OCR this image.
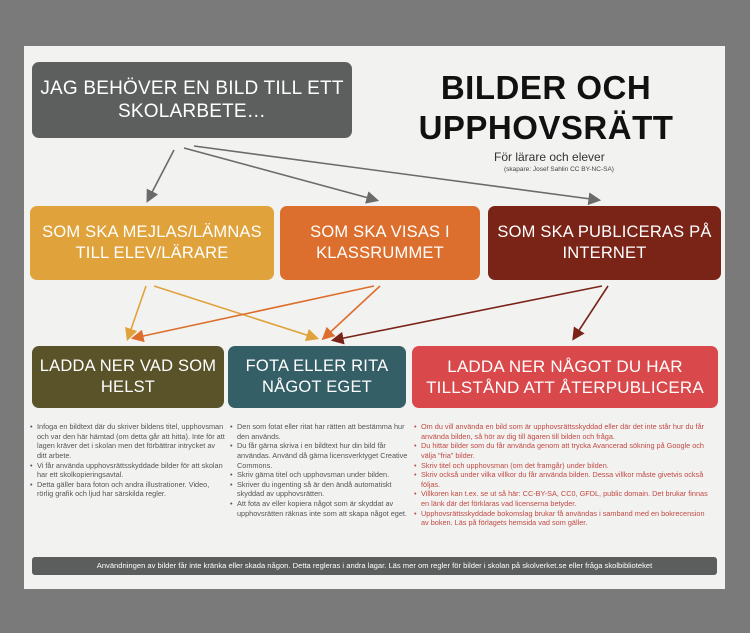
JAG BEHÖVER EN BILD TILL ETT SKOLARBETE…
BILDER OCH
UPPHOVSRÄTT
För lärare och elever
(skapare: Josef Sahlin CC BY-NC-SA)
SOM SKA MEJLAS/LÄMNAS TILL ELEV/LÄRARE
SOM SKA VISAS I KLASSRUMMET
SOM SKA PUBLICERAS PÅ INTERNET
LADDA NER VAD SOM HELST
FOTA ELLER RITA NÅGOT EGET
LADDA NER NÅGOT DU HAR TILLSTÅND ATT ÅTERPUBLICERA
• Infoga en bildtext där du skriver bildens titel, upphovsman och var den här hämtad (om detta går att hitta). Inte för att lagen kräver det i skolan men det förbättrar intrycket av ditt arbete.
• Vi får använda upphovsrättsskyddade bilder för att skolan har ett skolkopieringsavtal.
• Detta gäller bara foton och andra illustrationer. Video, rörlig grafik och ljud har särskilda regler.
• Den som fotat eller ritat har rätten att bestämma hur den används.
• Du får gärna skriva i en bildtext hur din bild får användas. Använd då gärna licensverktyget Creative Commons.
• Skriv gärna titel och upphovsman under bilden.
• Skriver du ingenting så är den ändå automatiskt skyddad av upphovsrätten.
• Att fota av eller kopiera något som är skyddat av upphovsrätten räknas inte som att skapa något eget.
• Om du vill använda en bild som är upphovsrättsskyddad eller där det inte står hur du får använda bilden, så hör av dig till ägaren till bilden och fråga.
• Du hittar bilder som du får använda genom att trycka Avancerad sökning på Google och välja "fria" bilder.
• Skriv titel och upphovsman (om det framgår) under bilden.
• Skriv också under vilka villkor du får använda bilden. Dessa villkor måste givetvis också följas.
• Villkoren kan t.ex. se ut så här: CC-BY-SA, CC0, GFDL, public domain. Det brukar finnas en länk där det förklaras vad licenserna betyder.
• Upphovsrättsskyddade bokomslag brukar få användas i samband med en bokrecension av boken. Läs på förlagets hemsida vad som gäller.
Användningen av bilder får inte kränka eller skada någon. Detta regleras i andra lagar. Läs mer om regler för bilder i skolan på skolverket.se eller fråga skolbiblioteket
